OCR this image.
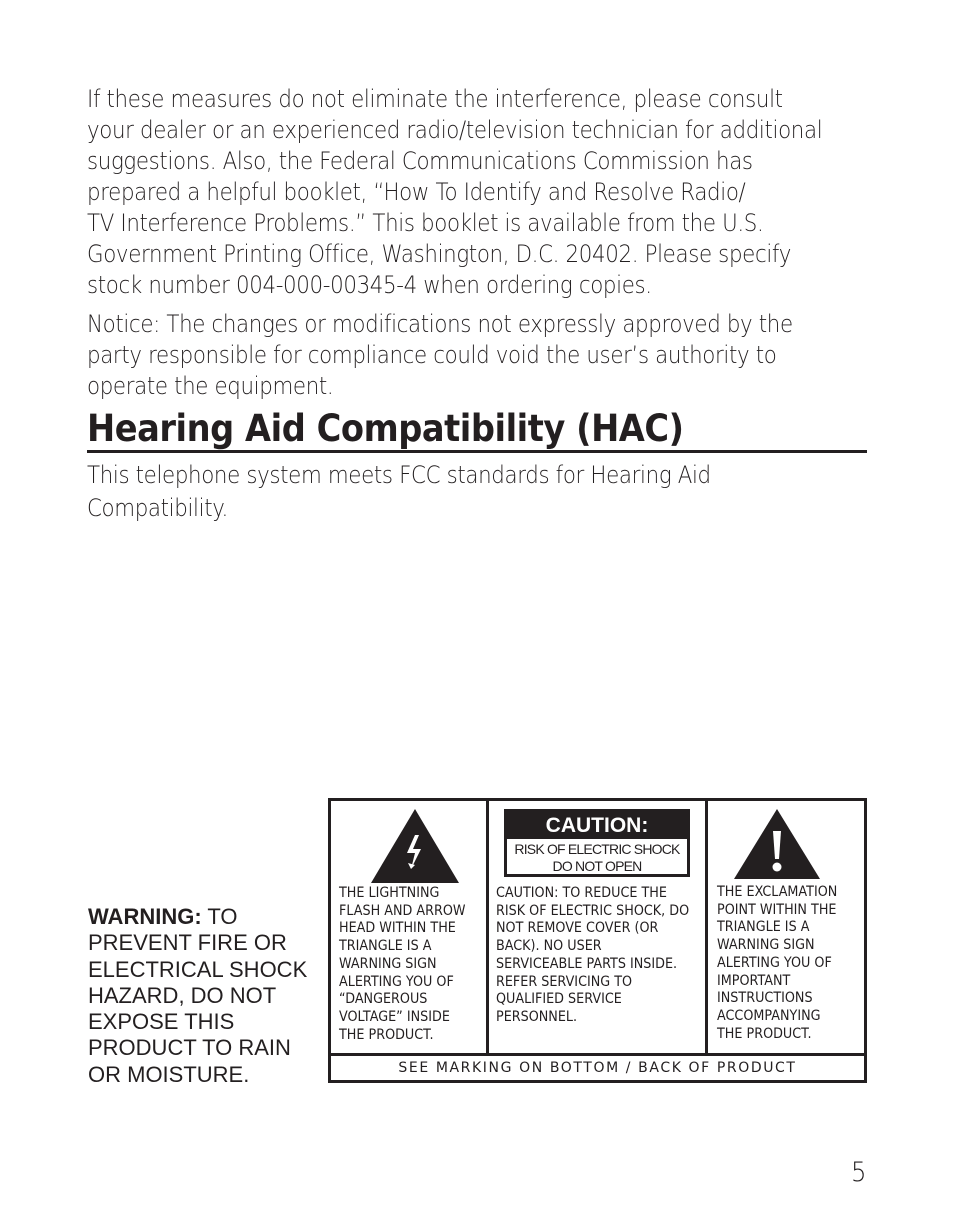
If these measures do not eliminate the interference, please consult
your dealer or an experienced radio/television technician for additional
suggestions. Also, the Federal Communications Commission has
prepared a helpful booklet, “How To Identify and Resolve Radio/
TV Interference Problems.” This booklet is available from the U.S.
Government Printing Office, Washington, D.C. 20402. Please specify
stock number 004-000-00345-4 when ordering copies.

Notice: The changes or modifications not expressly approved by the
party responsible for compliance could void the user’s authority to
operate the equipment.

Hearing Aid Compatibility (HAC)

This telephone system meets FCC standards for Hearing Aid
Compatibility.

WARNING: TO PREVENT FIRE OR ELECTRICAL SHOCK HAZARD, DO NOT EXPOSE THIS PRODUCT TO RAIN OR MOISTURE.

THE LIGHTNING
FLASH AND ARROW
HEAD WITHIN THE
TRIANGLE IS A
WARNING SIGN
ALERTING YOU OF
“DANGEROUS
VOLTAGE” INSIDE
THE PRODUCT.

CAUTION:
RISK OF ELECTRIC SHOCK
DO NOT OPEN

CAUTION: TO REDUCE THE
RISK OF ELECTRIC SHOCK, DO
NOT REMOVE COVER (OR
BACK). NO USER
SERVICEABLE PARTS INSIDE.
REFER SERVICING TO
QUALIFIED SERVICE
PERSONNEL.

THE EXCLAMATION
POINT WITHIN THE
TRIANGLE IS A
WARNING SIGN
ALERTING YOU OF
IMPORTANT
INSTRUCTIONS
ACCOMPANYING
THE PRODUCT.

SEE MARKING ON BOTTOM / BACK OF PRODUCT
5
